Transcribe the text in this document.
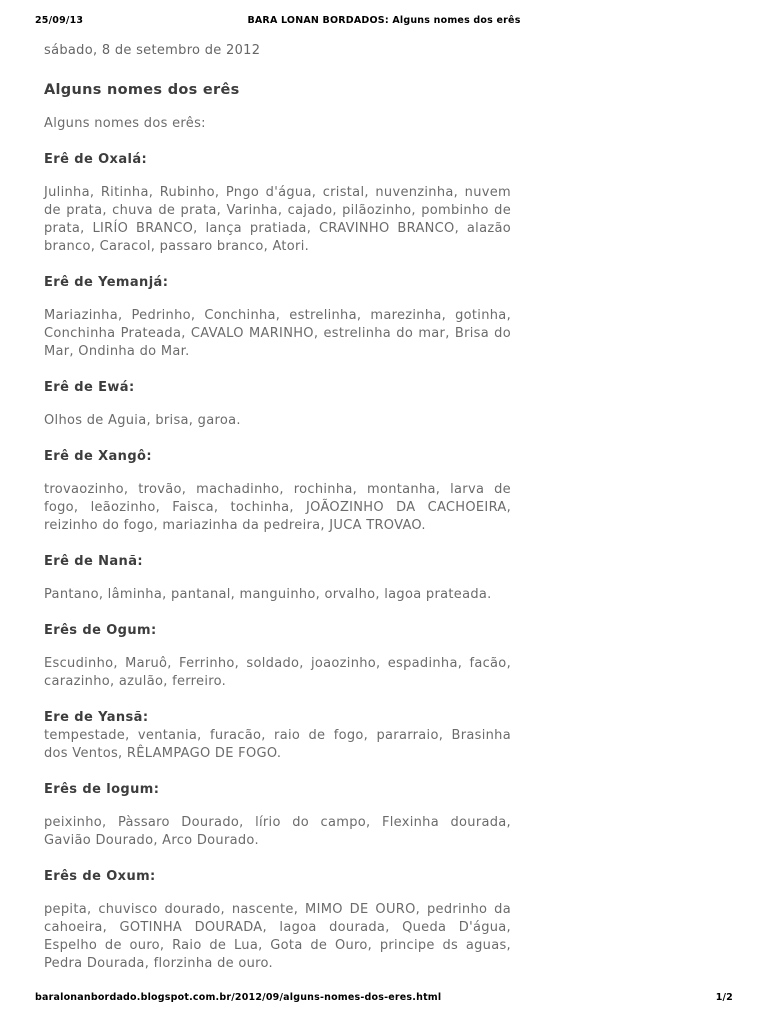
25/09/13	BARA LONAN BORDADOS: Alguns nomes dos erês
sábado, 8 de setembro de 2012
Alguns nomes dos erês

Alguns nomes dos erês:

Erê de Oxalá:

Julinha, Ritinha, Rubinho, Pngo d'água, cristal, nuvenzinha, nuvem de prata, chuva de prata, Varinha, cajado, pilãozinho, pombinho de prata, LIRÍO BRANCO, lança pratiada, CRAVINHO BRANCO, alazão branco, Caracol, passaro branco, Atori.

Erê de Yemanjá:

Mariazinha, Pedrinho, Conchinha, estrelinha, marezinha, gotinha, Conchinha Prateada, CAVALO MARINHO, estrelinha do mar, Brisa do Mar, Ondinha do Mar.

Erê de Ewá:

Olhos de Aguia, brisa, garoa.

Erê de Xangô:

trovaozinho, trovão, machadinho, rochinha, montanha, larva de fogo, leãozinho, Faisca, tochinha, JOÃOZINHO DA CACHOEIRA, reizinho do fogo, mariazinha da pedreira, JUCA TROVAO.

Erê de Nanã:

Pantano, lâminha, pantanal, manguinho, orvalho, lagoa prateada.

Erês de Ogum:

Escudinho, Maruô, Ferrinho, soldado, joaozinho, espadinha, facão, carazinho, azulão, ferreiro.

Ere de Yansã:

tempestade, ventania, furacão, raio de fogo, pararraio, Brasinha dos Ventos, RÊLAMPAGO DE FOGO.

Erês de logum:

peixinho, Pàssaro Dourado, lírio do campo, Flexinha dourada, Gavião Dourado, Arco Dourado.

Erês de Oxum:

pepita, chuvisco dourado, nascente, MIMO DE OURO, pedrinho da cahoeira, GOTINHA DOURADA, lagoa dourada, Queda D'água, Espelho de ouro, Raio de Lua, Gota de Ouro, principe ds aguas, Pedra Dourada, florzinha de ouro.

baralonanbordado.blogspot.com.br/2012/09/alguns-nomes-dos-eres.html	1/2
